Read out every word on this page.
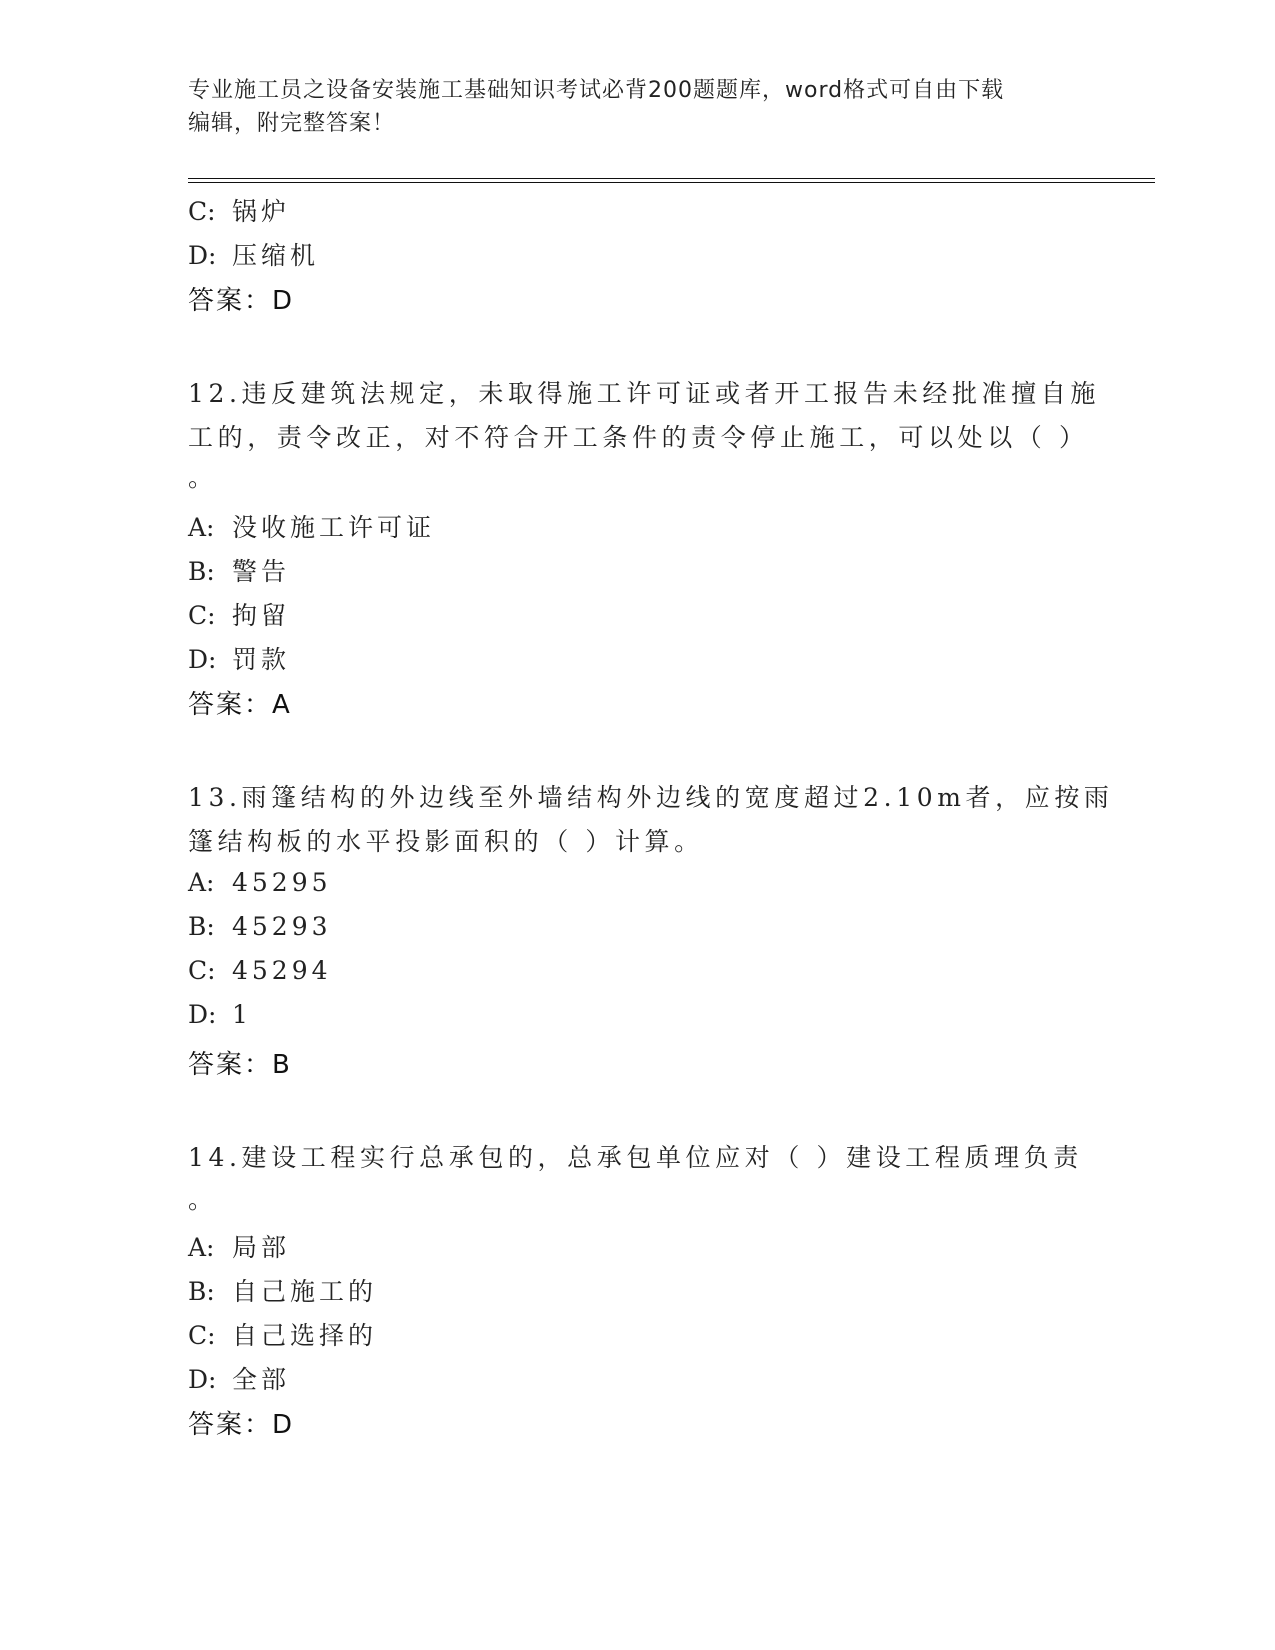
专业施工员之设备安装施工基础知识考试必背200题题库，word格式可自由下载
编辑，附完整答案！
C: 锅炉
D: 压缩机
答案：D
12.违反建筑法规定，未取得施工许可证或者开工报告未经批准擅自施
工的，责令改正，对不符合开工条件的责令停止施工，可以处以（ ）
。
A: 没收施工许可证
B: 警告
C: 拘留
D: 罚款
答案：A
13.雨篷结构的外边线至外墙结构外边线的宽度超过2.10m者，应按雨
篷结构板的水平投影面积的（ ）计算。
A: 45295
B: 45293
C: 45294
D: 1
答案：B
14.建设工程实行总承包的，总承包单位应对（ ）建设工程质理负责
。
A: 局部
B: 自己施工的
C: 自己选择的
D: 全部
答案：D
